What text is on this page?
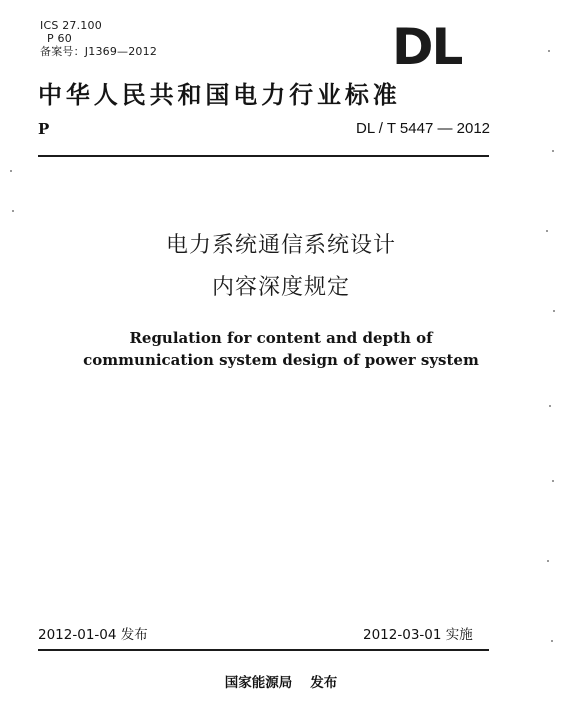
ICS 27.100
P 60
备案号：J1369—2012	DL
中华人民共和国电力行业标准
P	DL / T 5447 — 2012
电力系统通信系统设计
内容深度规定
Regulation for content and depth of
communication system design of power system
2012-01-04 发布	2012-03-01 实施
国家能源局 发布
